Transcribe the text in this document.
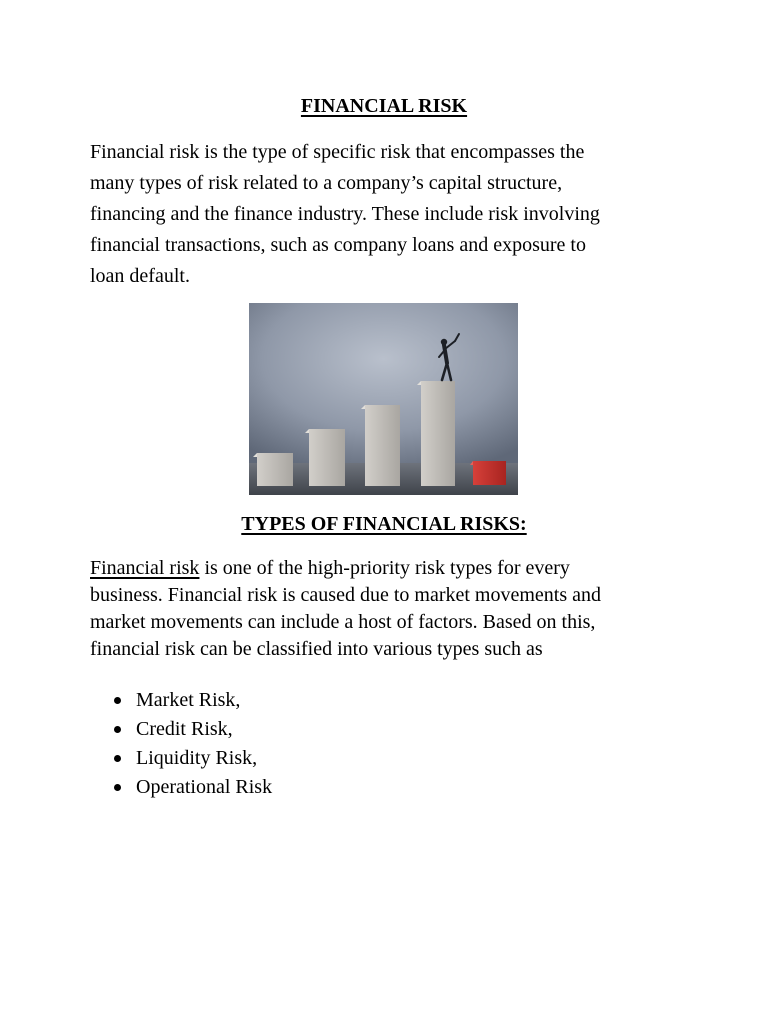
FINANCIAL RISK

Financial risk is the type of specific risk that encompasses the
many types of risk related to a company’s capital structure,
financing and the finance industry. These include risk involving
financial transactions, such as company loans and exposure to
loan default.

TYPES OF FINANCIAL RISKS:

Financial risk is one of the high-priority risk types for every
business. Financial risk is caused due to market movements and
market movements can include a host of factors. Based on this,
financial risk can be classified into various types such as

Market Risk,
Credit Risk,
Liquidity Risk,
Operational Risk
